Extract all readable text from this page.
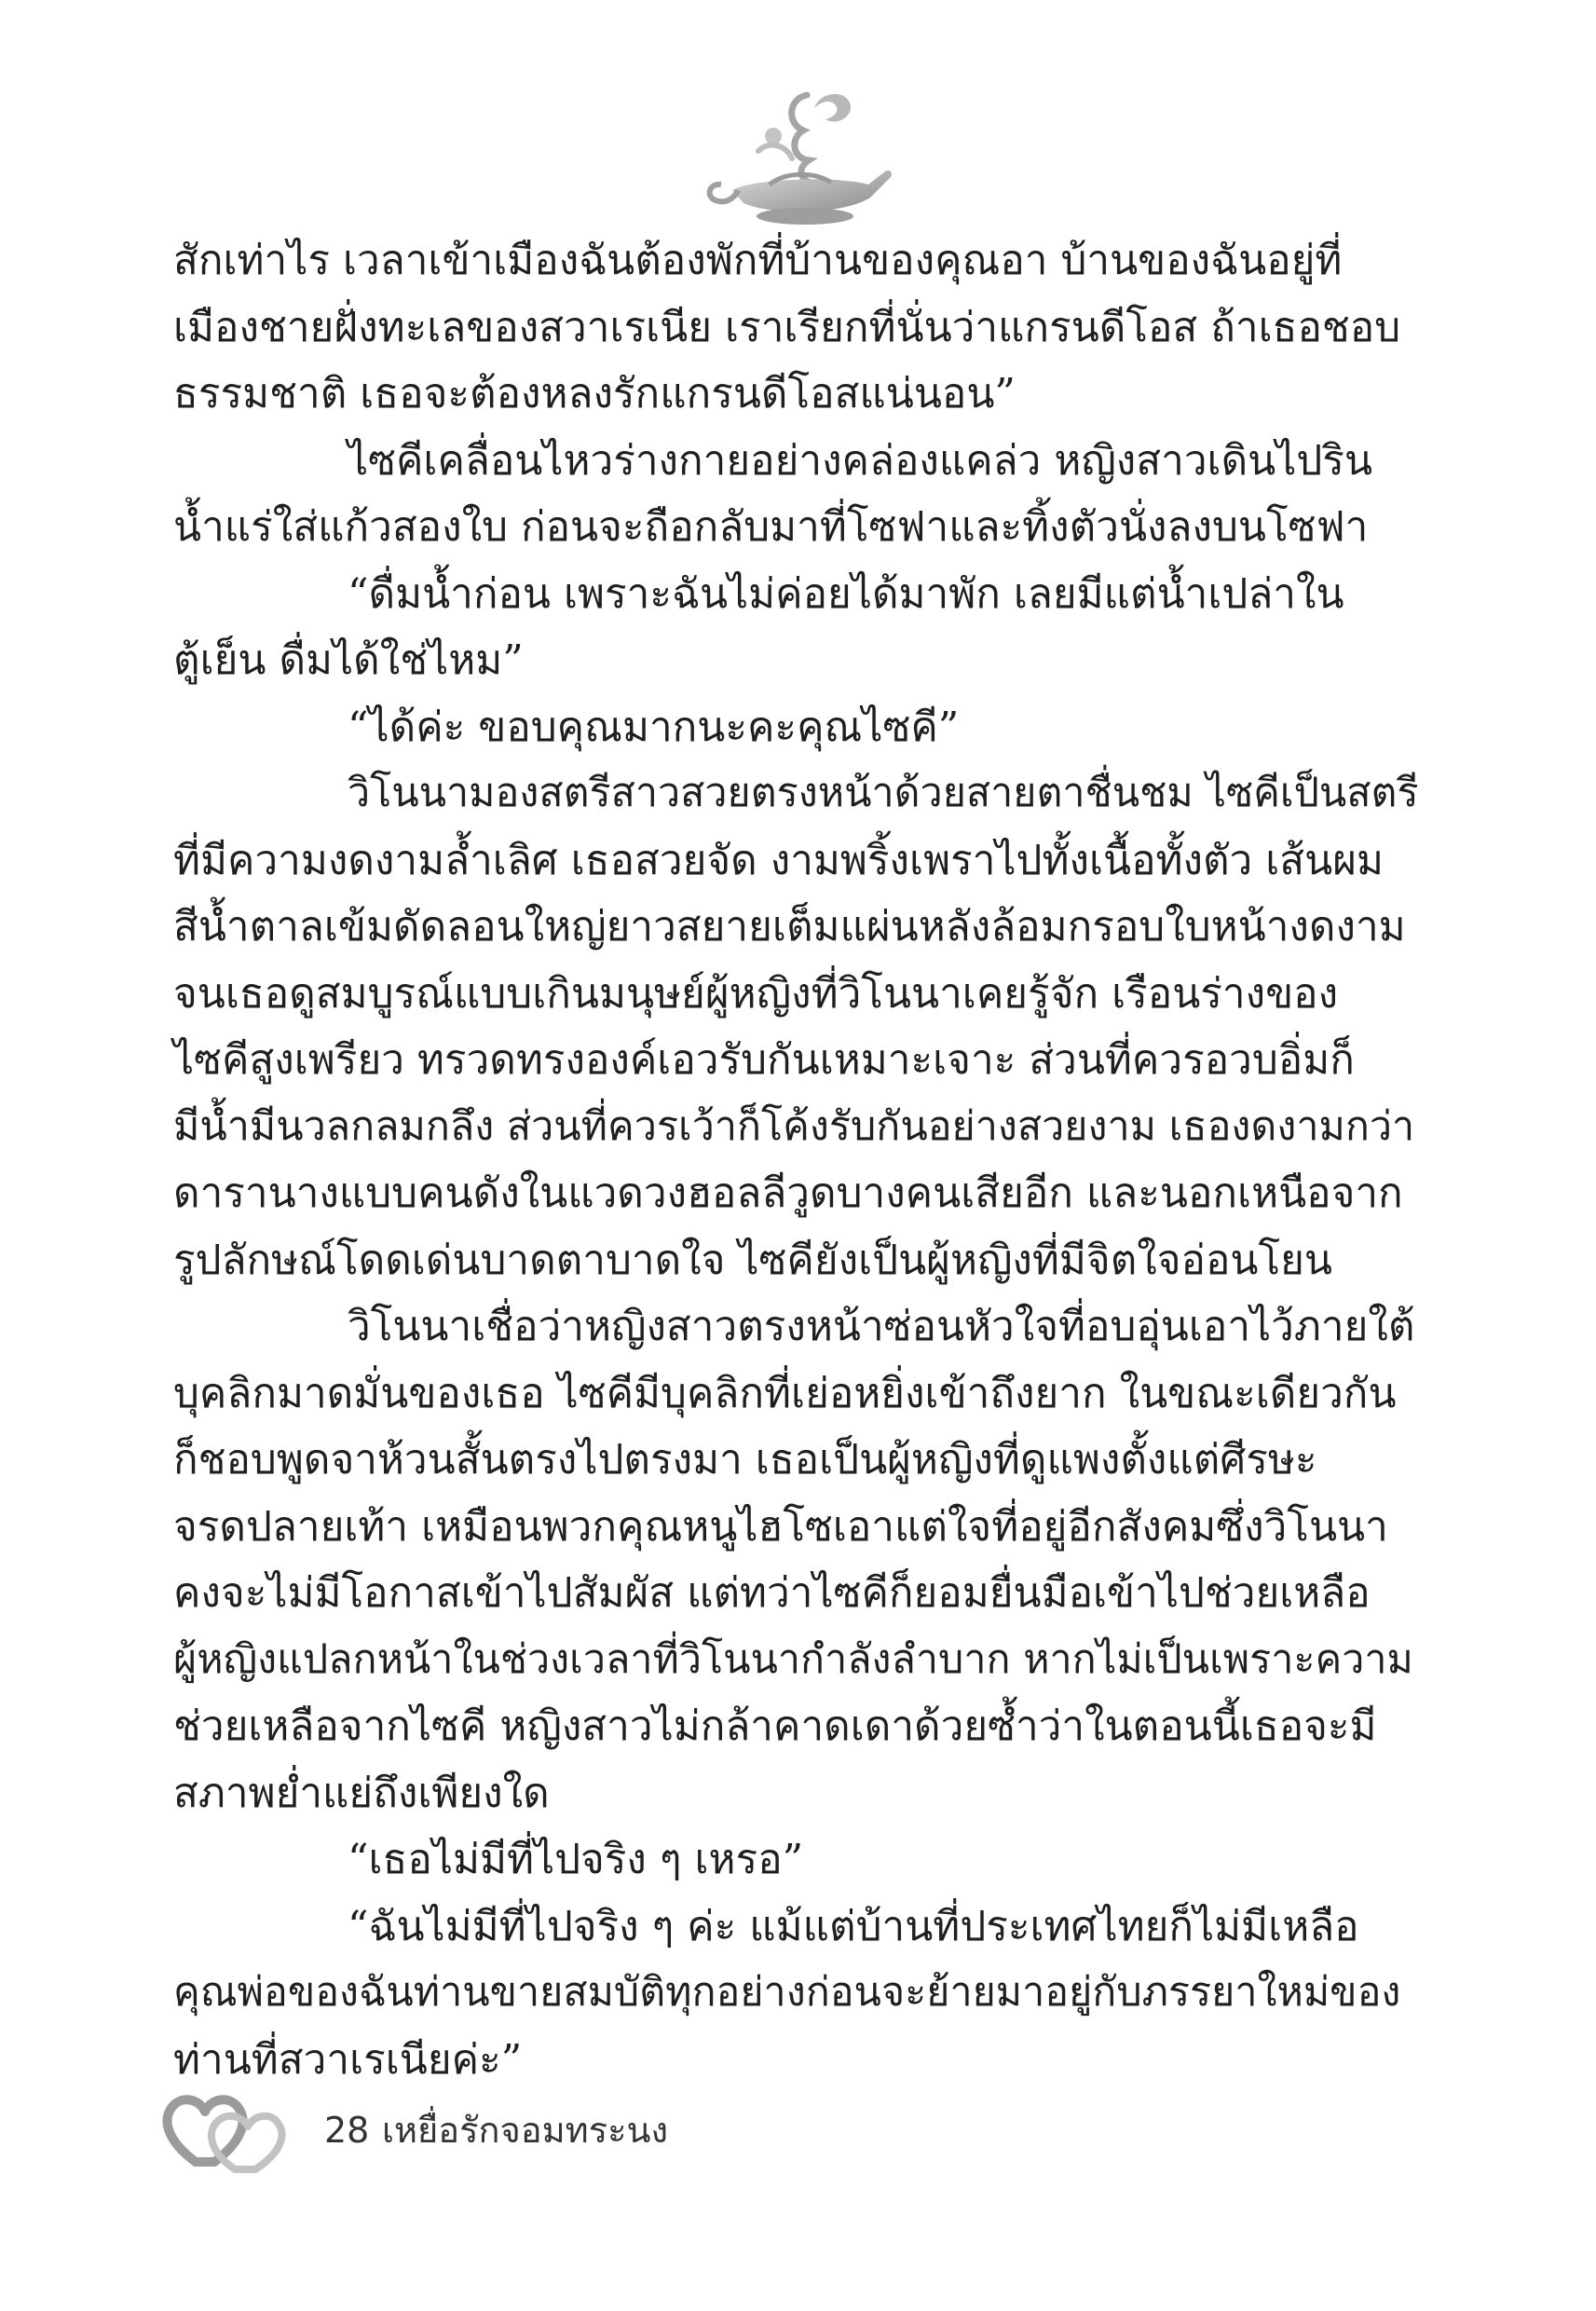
สักเท่าไร เวลาเข้าเมืองฉันต้องพักที่บ้านของคุณอา บ้านของฉันอยู่ที่
เมืองชายฝั่งทะเลของสวาเรเนีย เราเรียกที่นั่นว่าแกรนดีโอส ถ้าเธอชอบ
ธรรมชาติ เธอจะต้องหลงรักแกรนดีโอสแน่นอน”
ไซคีเคลื่อนไหวร่างกายอย่างคล่องแคล่ว หญิงสาวเดินไปริน
น้ำแร่ใส่แก้วสองใบ ก่อนจะถือกลับมาที่โซฟาและทิ้งตัวนั่งลงบนโซฟา
“ดื่มน้ำก่อน เพราะฉันไม่ค่อยได้มาพัก เลยมีแต่น้ำเปล่าใน
ตู้เย็น ดื่มได้ใช่ไหม”
“ได้ค่ะ ขอบคุณมากนะคะคุณไซคี”
วิโนนามองสตรีสาวสวยตรงหน้าด้วยสายตาชื่นชม ไซคีเป็นสตรี
ที่มีความงดงามล้ำเลิศ เธอสวยจัด งามพริ้งเพราไปทั้งเนื้อทั้งตัว เส้นผม
สีน้ำตาลเข้มดัดลอนใหญ่ยาวสยายเต็มแผ่นหลังล้อมกรอบใบหน้างดงาม
จนเธอดูสมบูรณ์แบบเกินมนุษย์ผู้หญิงที่วิโนนาเคยรู้จัก เรือนร่างของ
ไซคีสูงเพรียว ทรวดทรงองค์เอวรับกันเหมาะเจาะ ส่วนที่ควรอวบอิ่มก็
มีน้ำมีนวลกลมกลึง ส่วนที่ควรเว้าก็โค้งรับกันอย่างสวยงาม เธองดงามกว่า
ดารานางแบบคนดังในแวดวงฮอลลีวูดบางคนเสียอีก และนอกเหนือจาก
รูปลักษณ์โดดเด่นบาดตาบาดใจ ไซคียังเป็นผู้หญิงที่มีจิตใจอ่อนโยน
วิโนนาเชื่อว่าหญิงสาวตรงหน้าซ่อนหัวใจที่อบอุ่นเอาไว้ภายใต้
บุคลิกมาดมั่นของเธอ ไซคีมีบุคลิกที่เย่อหยิ่งเข้าถึงยาก ในขณะเดียวกัน
ก็ชอบพูดจาห้วนสั้นตรงไปตรงมา เธอเป็นผู้หญิงที่ดูแพงตั้งแต่ศีรษะ
จรดปลายเท้า เหมือนพวกคุณหนูไฮโซเอาแต่ใจที่อยู่อีกสังคมซึ่งวิโนนา
คงจะไม่มีโอกาสเข้าไปสัมผัส แต่ทว่าไซคีก็ยอมยื่นมือเข้าไปช่วยเหลือ
ผู้หญิงแปลกหน้าในช่วงเวลาที่วิโนนากำลังลำบาก หากไม่เป็นเพราะความ
ช่วยเหลือจากไซคี หญิงสาวไม่กล้าคาดเดาด้วยซ้ำว่าในตอนนี้เธอจะมี
สภาพย่ำแย่ถึงเพียงใด
“เธอไม่มีที่ไปจริง ๆ เหรอ”
“ฉันไม่มีที่ไปจริง ๆ ค่ะ แม้แต่บ้านที่ประเทศไทยก็ไม่มีเหลือ
คุณพ่อของฉันท่านขายสมบัติทุกอย่างก่อนจะย้ายมาอยู่กับภรรยาใหม่ของ
ท่านที่สวาเรเนียค่ะ”
28 เหยื่อรักจอมทระนง
